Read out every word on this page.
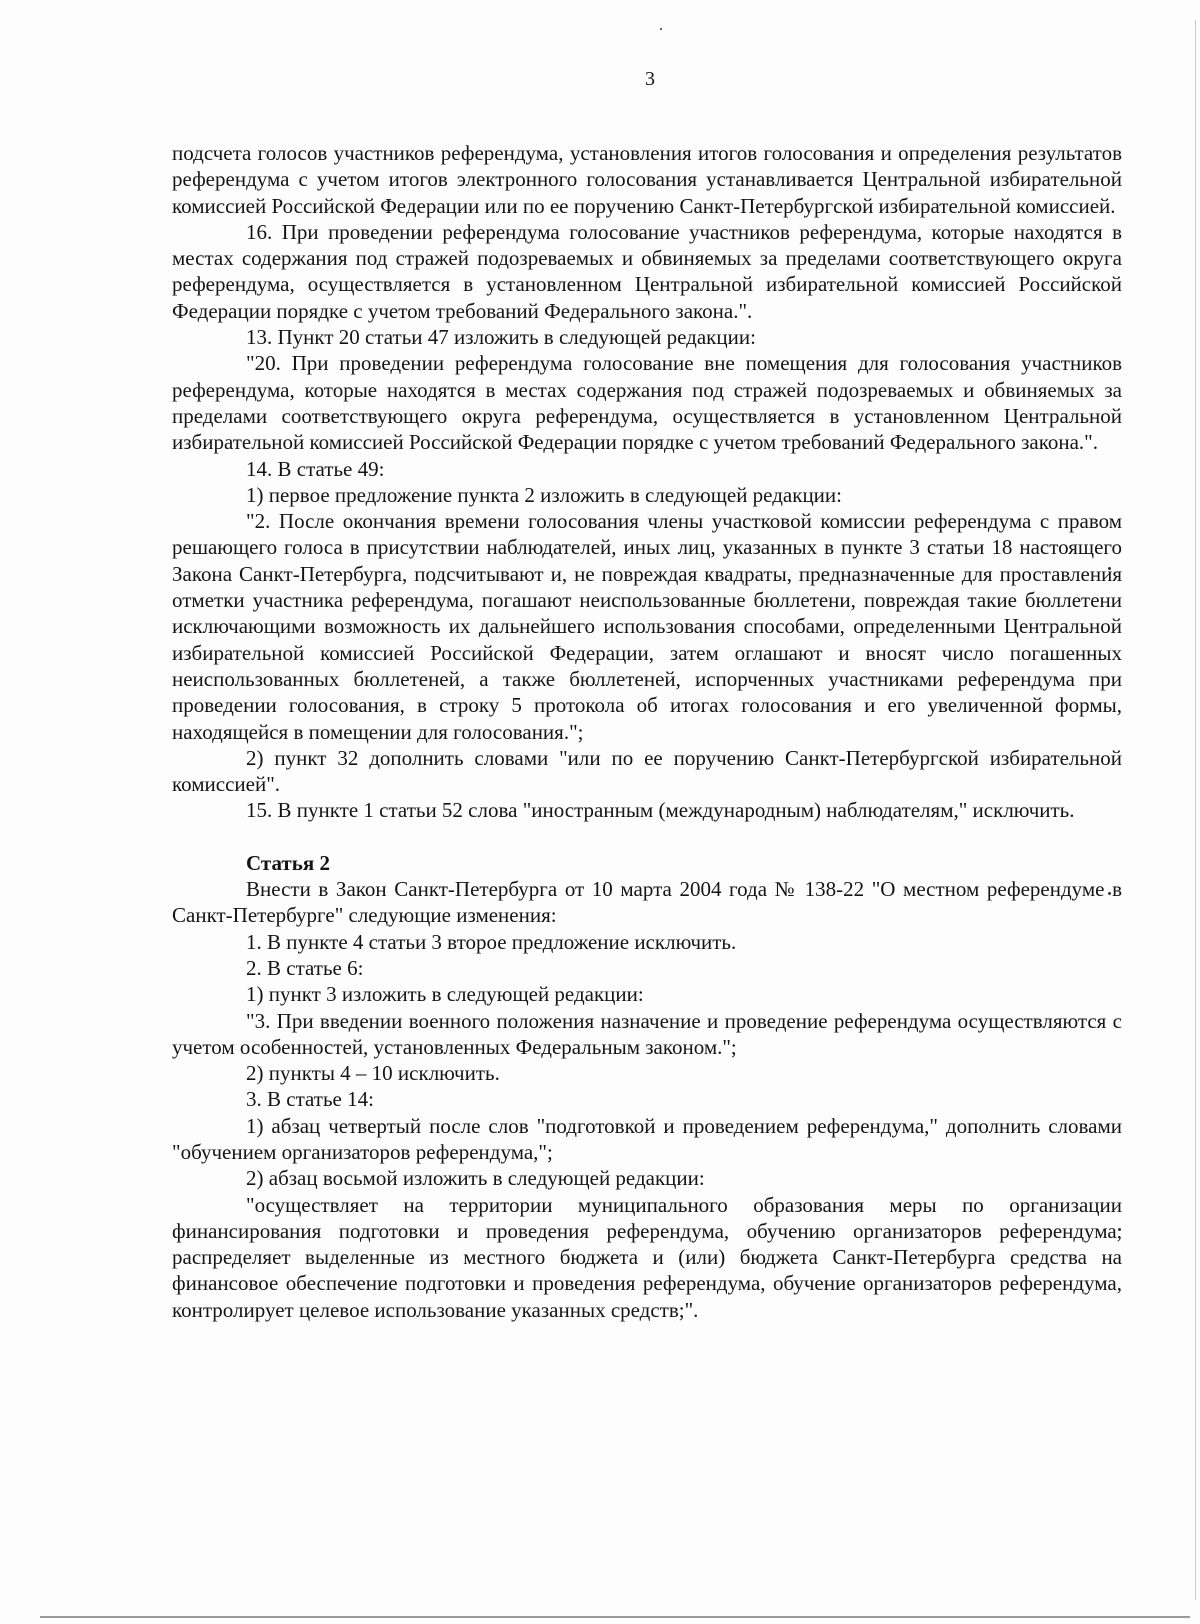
3

подсчета голосов участников референдума, установления итогов голосования и определения результатов референдума с учетом итогов электронного голосования устанавливается Центральной избирательной комиссией Российской Федерации или по ее поручению Санкт-Петербургской избирательной комиссией.

16. При проведении референдума голосование участников референдума, которые находятся в местах содержания под стражей подозреваемых и обвиняемых за пределами соответствующего округа референдума, осуществляется в установленном Центральной избирательной комиссией Российской Федерации порядке с учетом требований Федерального закона.".

13. Пункт 20 статьи 47 изложить в следующей редакции:

"20. При проведении референдума голосование вне помещения для голосования участников референдума, которые находятся в местах содержания под стражей подозреваемых и обвиняемых за пределами соответствующего округа референдума, осуществляется в установленном Центральной избирательной комиссией Российской Федерации порядке с учетом требований Федерального закона.".

14. В статье 49:

1) первое предложение пункта 2 изложить в следующей редакции:

"2. После окончания времени голосования члены участковой комиссии референдума с правом решающего голоса в присутствии наблюдателей, иных лиц, указанных в пункте 3 статьи 18 настоящего Закона Санкт-Петербурга, подсчитывают и, не повреждая квадраты, предназначенные для проставления отметки участника референдума, погашают неиспользованные бюллетени, повреждая такие бюллетени исключающими возможность их дальнейшего использования способами, определенными Центральной избирательной комиссией Российской Федерации, затем оглашают и вносят число погашенных неиспользованных бюллетеней, а также бюллетеней, испорченных участниками референдума при проведении голосования, в строку 5 протокола об итогах голосования и его увеличенной формы, находящейся в помещении для голосования.";

2) пункт 32 дополнить словами "или по ее поручению Санкт-Петербургской избирательной комиссией".

15. В пункте 1 статьи 52 слова "иностранным (международным) наблюдателям," исключить.

Статья 2

Внести в Закон Санкт-Петербурга от 10 марта 2004 года № 138-22 "О местном референдуме в Санкт-Петербурге" следующие изменения:

1. В пункте 4 статьи 3 второе предложение исключить.

2. В статье 6:

1) пункт 3 изложить в следующей редакции:

"3. При введении военного положения назначение и проведение референдума осуществляются с учетом особенностей, установленных Федеральным законом.";

2) пункты 4 – 10 исключить.

3. В статье 14:

1) абзац четвертый после слов "подготовкой и проведением референдума," дополнить словами "обучением организаторов референдума,";

2) абзац восьмой изложить в следующей редакции:

"осуществляет на территории муниципального образования меры по организации финансирования подготовки и проведения референдума, обучению организаторов референдума, распределяет выделенные из местного бюджета и (или) бюджета Санкт-Петербурга средства на финансовое обеспечение подготовки и проведения референдума, обучение организаторов референдума, контролирует целевое использование указанных средств;".
